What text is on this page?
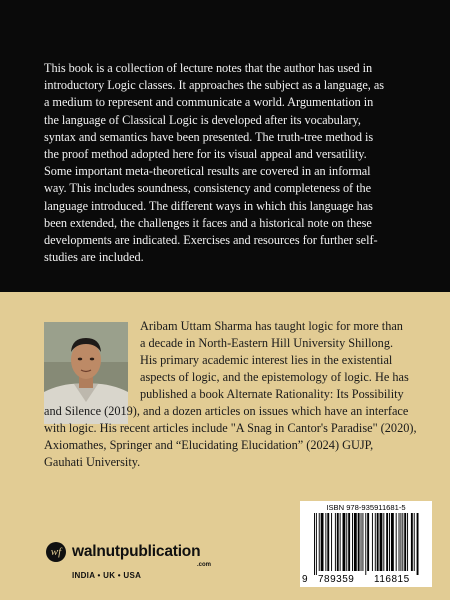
This book is a collection of lecture notes that the author has used in
introductory Logic classes. It approaches the subject as a language, as
a medium to represent and communicate a world. Argumentation in
the language of Classical Logic is developed after its vocabulary,
syntax and semantics have been presented. The truth-tree method is
the proof method adopted here for its visual appeal and versatility.
Some important meta-theoretical results are covered in an informal
way. This includes soundness, consistency and completeness of the
language introduced. The different ways in which this language has
been extended, the challenges it faces and a historical note on these
developments are indicated. Exercises and resources for further self-
studies are included.
Aribam Uttam Sharma has taught logic for more than
a decade in North-Eastern Hill University Shillong.
His primary academic interest lies in the existential
aspects of logic, and the epistemology of logic. He has
published a book Alternate Rationality: Its Possibility
and Silence (2019), and a dozen articles on issues which have an interface
with logic. His recent articles include "A Snag in Cantor's Paradise" (2020),
Axiomathes, Springer and “Elucidating Elucidation” (2024) GUJP,
Gauhati University.
wf walnutpublication
.com
INDIA • UK • USA
ISBN 978-935911681-5
9 789359 116815
